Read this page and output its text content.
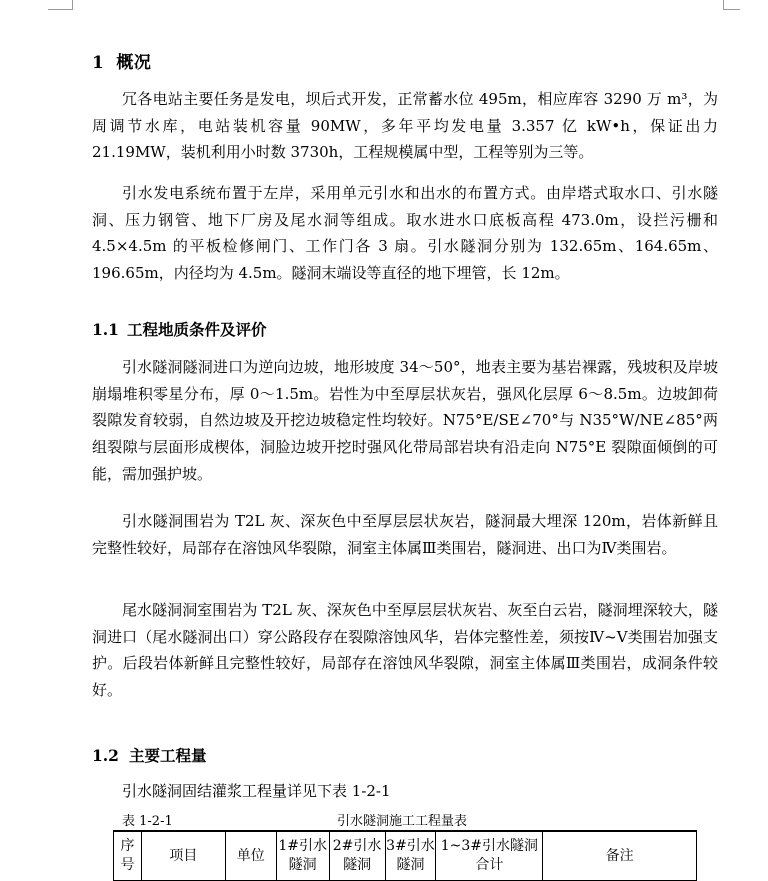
1 概况

冗各电站主要任务是发电，坝后式开发，正常蓄水位 495m，相应库容 3290 万 m³，为周调节水库，电站装机容量 90MW，多年平均发电量 3.357 亿 kW•h，保证出力 21.19MW，装机利用小时数 3730h，工程规模属中型，工程等别为三等。

引水发电系统布置于左岸，采用单元引水和出水的布置方式。由岸塔式取水口、引水隧洞、压力钢管、地下厂房及尾水洞等组成。取水进水口底板高程 473.0m，设拦污栅和 4.5×4.5m 的平板检修闸门、工作门各 3 扇。引水隧洞分别为 132.65m、164.65m、196.65m，内径均为 4.5m。隧洞末端设等直径的地下埋管，长 12m。

1.1 工程地质条件及评价

引水隧洞隧洞进口为逆向边坡，地形坡度 34～50°，地表主要为基岩裸露，残坡积及岸坡崩塌堆积零星分布，厚 0～1.5m。岩性为中至厚层状灰岩，强风化层厚 6～8.5m。边坡卸荷裂隙发育较弱，自然边坡及开挖边坡稳定性均较好。N75°E/SE∠70°与 N35°W/NE∠85°两组裂隙与层面形成楔体，洞脸边坡开挖时强风化带局部岩块有沿走向 N75°E 裂隙面倾倒的可能，需加强护坡。

引水隧洞围岩为 T2L 灰、深灰色中至厚层层状灰岩，隧洞最大埋深 120m，岩体新鲜且完整性较好，局部存在溶蚀风华裂隙，洞室主体属Ⅲ类围岩，隧洞进、出口为Ⅳ类围岩。

尾水隧洞洞室围岩为 T2L 灰、深灰色中至厚层层状灰岩、灰至白云岩，隧洞埋深较大，隧洞进口（尾水隧洞出口）穿公路段存在裂隙溶蚀风华，岩体完整性差，须按Ⅳ~Ⅴ类围岩加强支护。后段岩体新鲜且完整性较好，局部存在溶蚀风华裂隙，洞室主体属Ⅲ类围岩，成洞条件较好。

1.2 主要工程量
引水隧洞固结灌浆工程量详见下表 1-2-1
表 1-2-1	引水隧洞施工工程量表
序号	项目	单位	1#引水隧洞	2#引水隧洞	3#引水隧洞	1~3#引水隧洞合计	备注
